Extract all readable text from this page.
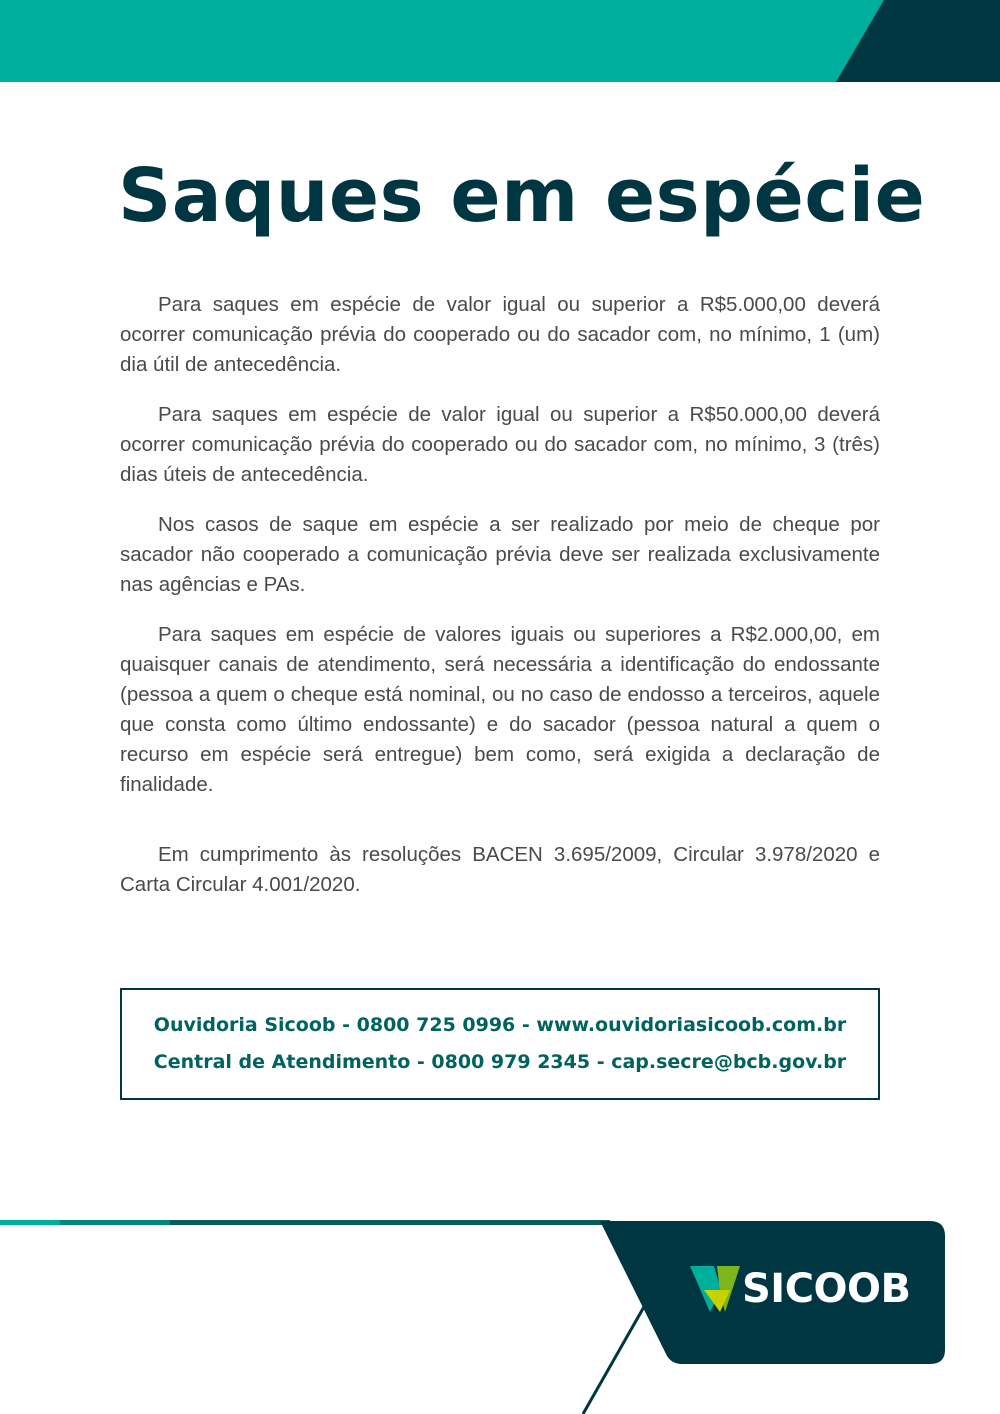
Saques em espécie

Para saques em espécie de valor igual ou superior a R$5.000,00 deverá ocorrer comunicação prévia do cooperado ou do sacador com, no mínimo, 1 (um) dia útil de antecedência.

Para saques em espécie de valor igual ou superior a R$50.000,00 deverá ocorrer comunicação prévia do cooperado ou do sacador com, no mínimo, 3 (três) dias úteis de antecedência.

Nos casos de saque em espécie a ser realizado por meio de cheque por sacador não cooperado a comunicação prévia deve ser realizada exclusivamente nas agências e PAs.

Para saques em espécie de valores iguais ou superiores a R$2.000,00, em quaisquer canais de atendimento, será necessária a identificação do endossante (pessoa a quem o cheque está nominal, ou no caso de endosso a terceiros, aquele que consta como último endossante) e do sacador (pessoa natural a quem o recurso em espécie será entregue) bem como, será exigida a declaração de finalidade.

Em cumprimento às resoluções BACEN 3.695/2009, Circular 3.978/2020 e Carta Circular 4.001/2020.

Ouvidoria Sicoob - 0800 725 0996 - www.ouvidoriasicoob.com.br
Central de Atendimento - 0800 979 2345 - cap.secre@bcb.gov.br
SICOOB
